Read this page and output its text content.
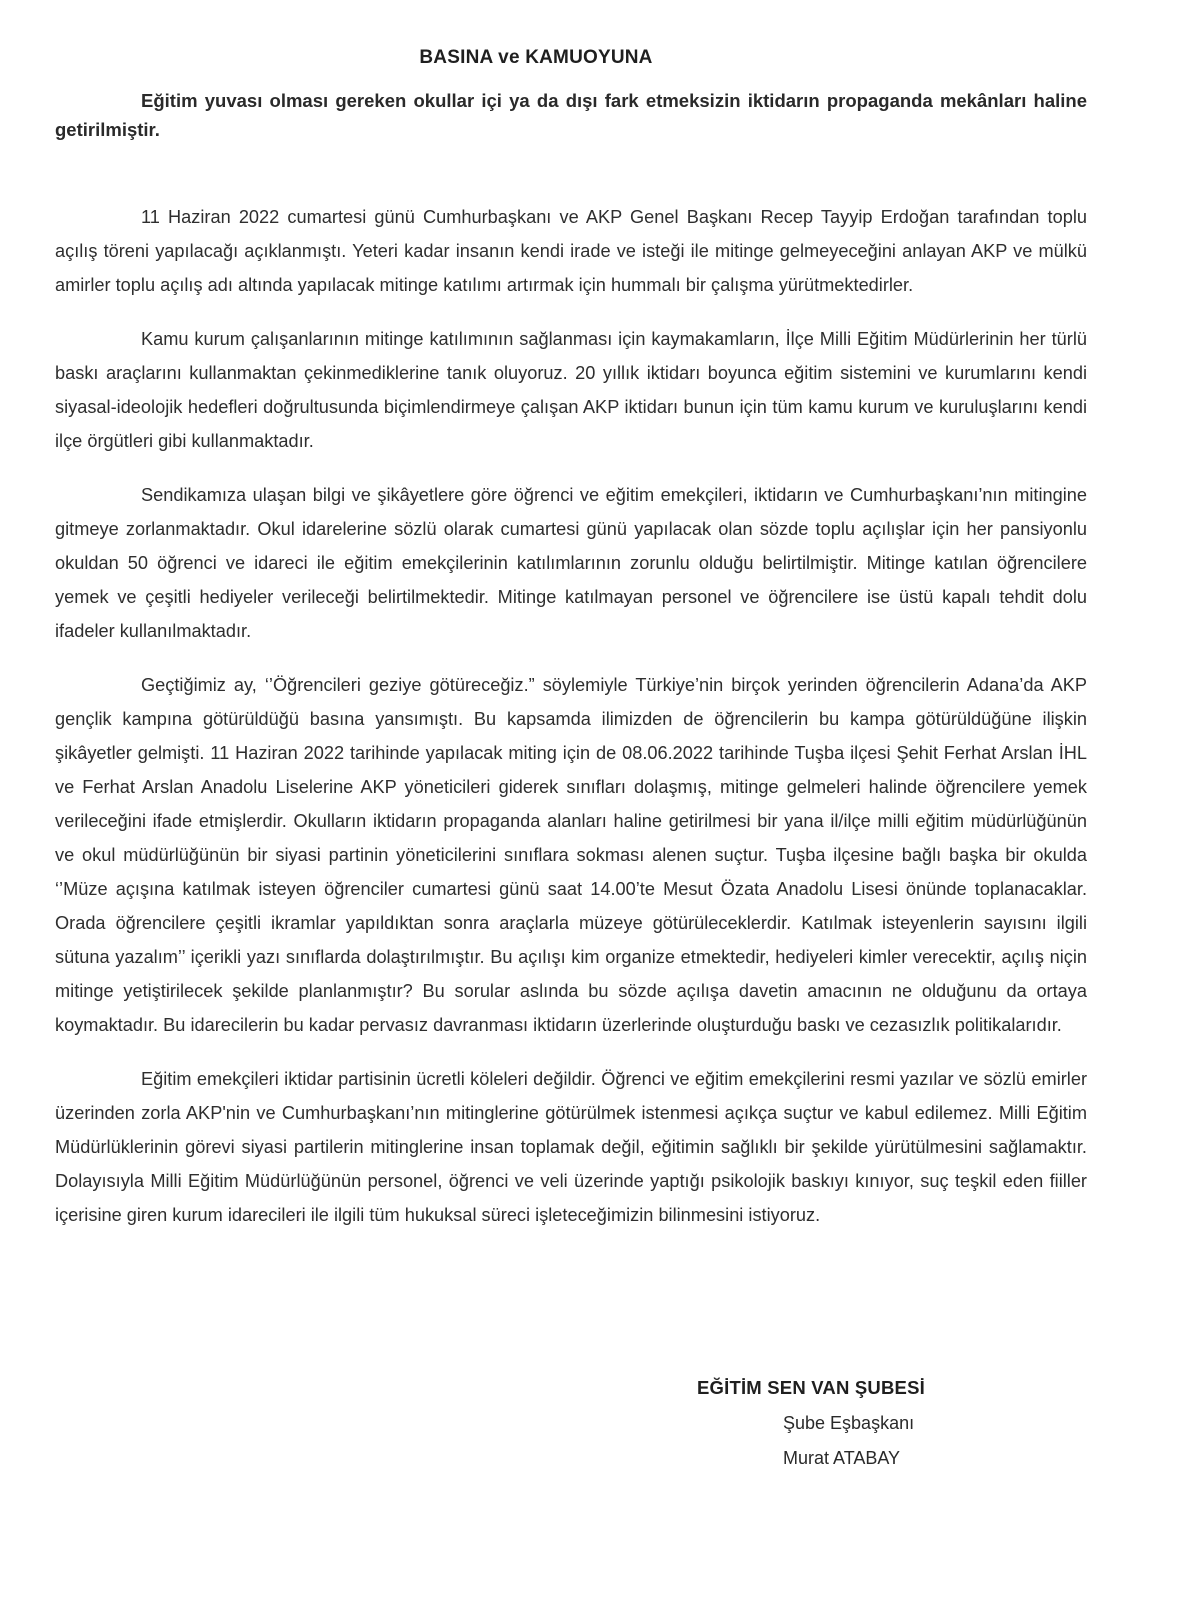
BASINA ve KAMUOYUNA

Eğitim yuvası olması gereken okullar içi ya da dışı fark etmeksizin iktidarın propaganda mekânları haline getirilmiştir.

11 Haziran 2022 cumartesi günü Cumhurbaşkanı ve AKP Genel Başkanı Recep Tayyip Erdoğan tarafından toplu açılış töreni yapılacağı açıklanmıştı. Yeteri kadar insanın kendi irade ve isteği ile mitinge gelmeyeceğini anlayan AKP ve mülkü amirler toplu açılış adı altında yapılacak mitinge katılımı artırmak için hummalı bir çalışma yürütmektedirler.

Kamu kurum çalışanlarının mitinge katılımının sağlanması için kaymakamların, İlçe Milli Eğitim Müdürlerinin her türlü baskı araçlarını kullanmaktan çekinmediklerine tanık oluyoruz. 20 yıllık iktidarı boyunca eğitim sistemini ve kurumlarını kendi siyasal-ideolojik hedefleri doğrultusunda biçimlendirmeye çalışan AKP iktidarı bunun için tüm kamu kurum ve kuruluşlarını kendi ilçe örgütleri gibi kullanmaktadır.

Sendikamıza ulaşan bilgi ve şikâyetlere göre öğrenci ve eğitim emekçileri, iktidarın ve Cumhurbaşkanı’nın mitingine gitmeye zorlanmaktadır. Okul idarelerine sözlü olarak cumartesi günü yapılacak olan sözde toplu açılışlar için her pansiyonlu okuldan 50 öğrenci ve idareci ile eğitim emekçilerinin katılımlarının zorunlu olduğu belirtilmiştir. Mitinge katılan öğrencilere yemek ve çeşitli hediyeler verileceği belirtilmektedir. Mitinge katılmayan personel ve öğrencilere ise üstü kapalı tehdit dolu ifadeler kullanılmaktadır.

Geçtiğimiz ay, ‘’Öğrencileri geziye götüreceğiz.” söylemiyle Türkiye’nin birçok yerinden öğrencilerin Adana’da AKP gençlik kampına götürüldüğü basına yansımıştı. Bu kapsamda ilimizden de öğrencilerin bu kampa götürüldüğüne ilişkin şikâyetler gelmişti. 11 Haziran 2022 tarihinde yapılacak miting için de 08.06.2022 tarihinde Tuşba ilçesi Şehit Ferhat Arslan İHL ve Ferhat Arslan Anadolu Liselerine AKP yöneticileri giderek sınıfları dolaşmış, mitinge gelmeleri halinde öğrencilere yemek verileceğini ifade etmişlerdir. Okulların iktidarın propaganda alanları haline getirilmesi bir yana il/ilçe milli eğitim müdürlüğünün ve okul müdürlüğünün bir siyasi partinin yöneticilerini sınıflara sokması alenen suçtur. Tuşba ilçesine bağlı başka bir okulda ‘’Müze açışına katılmak isteyen öğrenciler cumartesi günü saat 14.00’te Mesut Özata Anadolu Lisesi önünde toplanacaklar. Orada öğrencilere çeşitli ikramlar yapıldıktan sonra araçlarla müzeye götürüleceklerdir. Katılmak isteyenlerin sayısını ilgili sütuna yazalım’’ içerikli yazı sınıflarda dolaştırılmıştır. Bu açılışı kim organize etmektedir, hediyeleri kimler verecektir, açılış niçin mitinge yetiştirilecek şekilde planlanmıştır? Bu sorular aslında bu sözde açılışa davetin amacının ne olduğunu da ortaya koymaktadır. Bu idarecilerin bu kadar pervasız davranması iktidarın üzerlerinde oluşturduğu baskı ve cezasızlık politikalarıdır.

Eğitim emekçileri iktidar partisinin ücretli köleleri değildir. Öğrenci ve eğitim emekçilerini resmi yazılar ve sözlü emirler üzerinden zorla AKP'nin ve Cumhurbaşkanı’nın mitinglerine götürülmek istenmesi açıkça suçtur ve kabul edilemez. Milli Eğitim Müdürlüklerinin görevi siyasi partilerin mitinglerine insan toplamak değil, eğitimin sağlıklı bir şekilde yürütülmesini sağlamaktır. Dolayısıyla Milli Eğitim Müdürlüğünün personel, öğrenci ve veli üzerinde yaptığı psikolojik baskıyı kınıyor, suç teşkil eden fiiller içerisine giren kurum idarecileri ile ilgili tüm hukuksal süreci işleteceğimizin bilinmesini istiyoruz.

EĞİTİM SEN VAN ŞUBESİ
Şube Eşbaşkanı
Murat ATABAY
